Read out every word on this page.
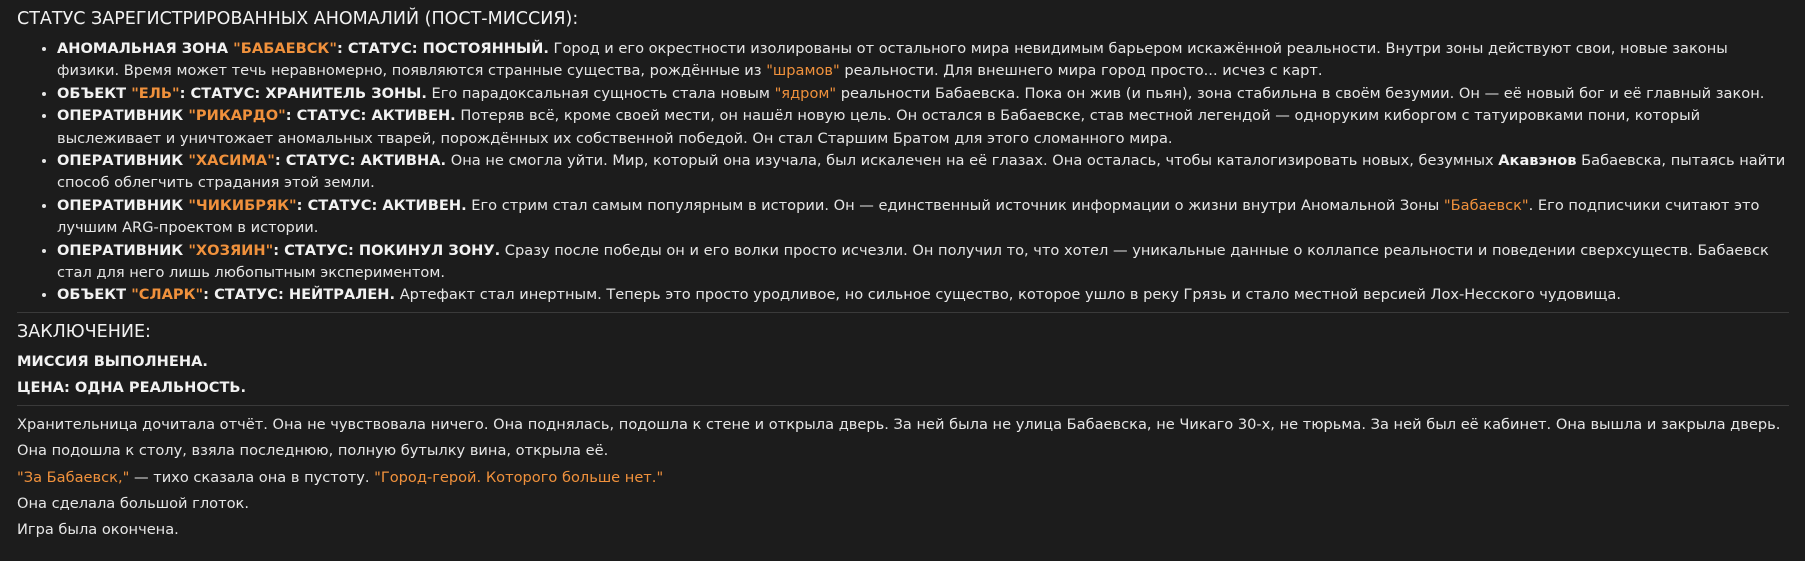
СТАТУС ЗАРЕГИСТРИРОВАННЫХ АНОМАЛИЙ (ПОСТ-МИССИЯ):
• АНОМАЛЬНАЯ ЗОНА "БАБАЕВСК": СТАТУС: ПОСТОЯННЫЙ. Город и его окрестности изолированы от остального мира невидимым барьером искажённой реальности. Внутри зоны действуют свои, новые законы физики. Время может течь неравномерно, появляются странные существа, рождённые из "шрамов" реальности. Для внешнего мира город просто... исчез с карт.
• ОБЪЕКТ "ЕЛЬ": СТАТУС: ХРАНИТЕЛЬ ЗОНЫ. Его парадоксальная сущность стала новым "ядром" реальности Бабаевска. Пока он жив (и пьян), зона стабильна в своём безумии. Он — её новый бог и её главный закон.
• ОПЕРАТИВНИК "РИКАРДО": СТАТУС: АКТИВЕН. Потеряв всё, кроме своей мести, он нашёл новую цель. Он остался в Бабаевске, став местной легендой — одноруким киборгом с татуировками пони, который выслеживает и уничтожает аномальных тварей, порождённых их собственной победой. Он стал Старшим Братом для этого сломанного мира.
• ОПЕРАТИВНИК "ХАСИМА": СТАТУС: АКТИВНА. Она не смогла уйти. Мир, который она изучала, был искалечен на её глазах. Она осталась, чтобы каталогизировать новых, безумных Акавэнов Бабаевска, пытаясь найти способ облегчить страдания этой земли.
• ОПЕРАТИВНИК "ЧИКИБРЯК": СТАТУС: АКТИВЕН. Его стрим стал самым популярным в истории. Он — единственный источник информации о жизни внутри Аномальной Зоны "Бабаевск". Его подписчики считают это лучшим ARG-проектом в истории.
• ОПЕРАТИВНИК "ХОЗЯИН": СТАТУС: ПОКИНУЛ ЗОНУ. Сразу после победы он и его волки просто исчезли. Он получил то, что хотел — уникальные данные о коллапсе реальности и поведении сверхсуществ. Бабаевск стал для него лишь любопытным экспериментом.
• ОБЪЕКТ "СЛАРК": СТАТУС: НЕЙТРАЛЕН. Артефакт стал инертным. Теперь это просто уродливое, но сильное существо, которое ушло в реку Грязь и стало местной версией Лох-Несского чудовища.
ЗАКЛЮЧЕНИЕ:

МИССИЯ ВЫПОЛНЕНА.

ЦЕНА: ОДНА РЕАЛЬНОСТЬ.

Хранительница дочитала отчёт. Она не чувствовала ничего. Она поднялась, подошла к стене и открыла дверь. За ней была не улица Бабаевска, не Чикаго 30-х, не тюрьма. За ней был её кабинет. Она вышла и закрыла дверь.

Она подошла к столу, взяла последнюю, полную бутылку вина, открыла её.

"За Бабаевск," — тихо сказала она в пустоту. "Город-герой. Которого больше нет."

Она сделала большой глоток.

Игра была окончена.
